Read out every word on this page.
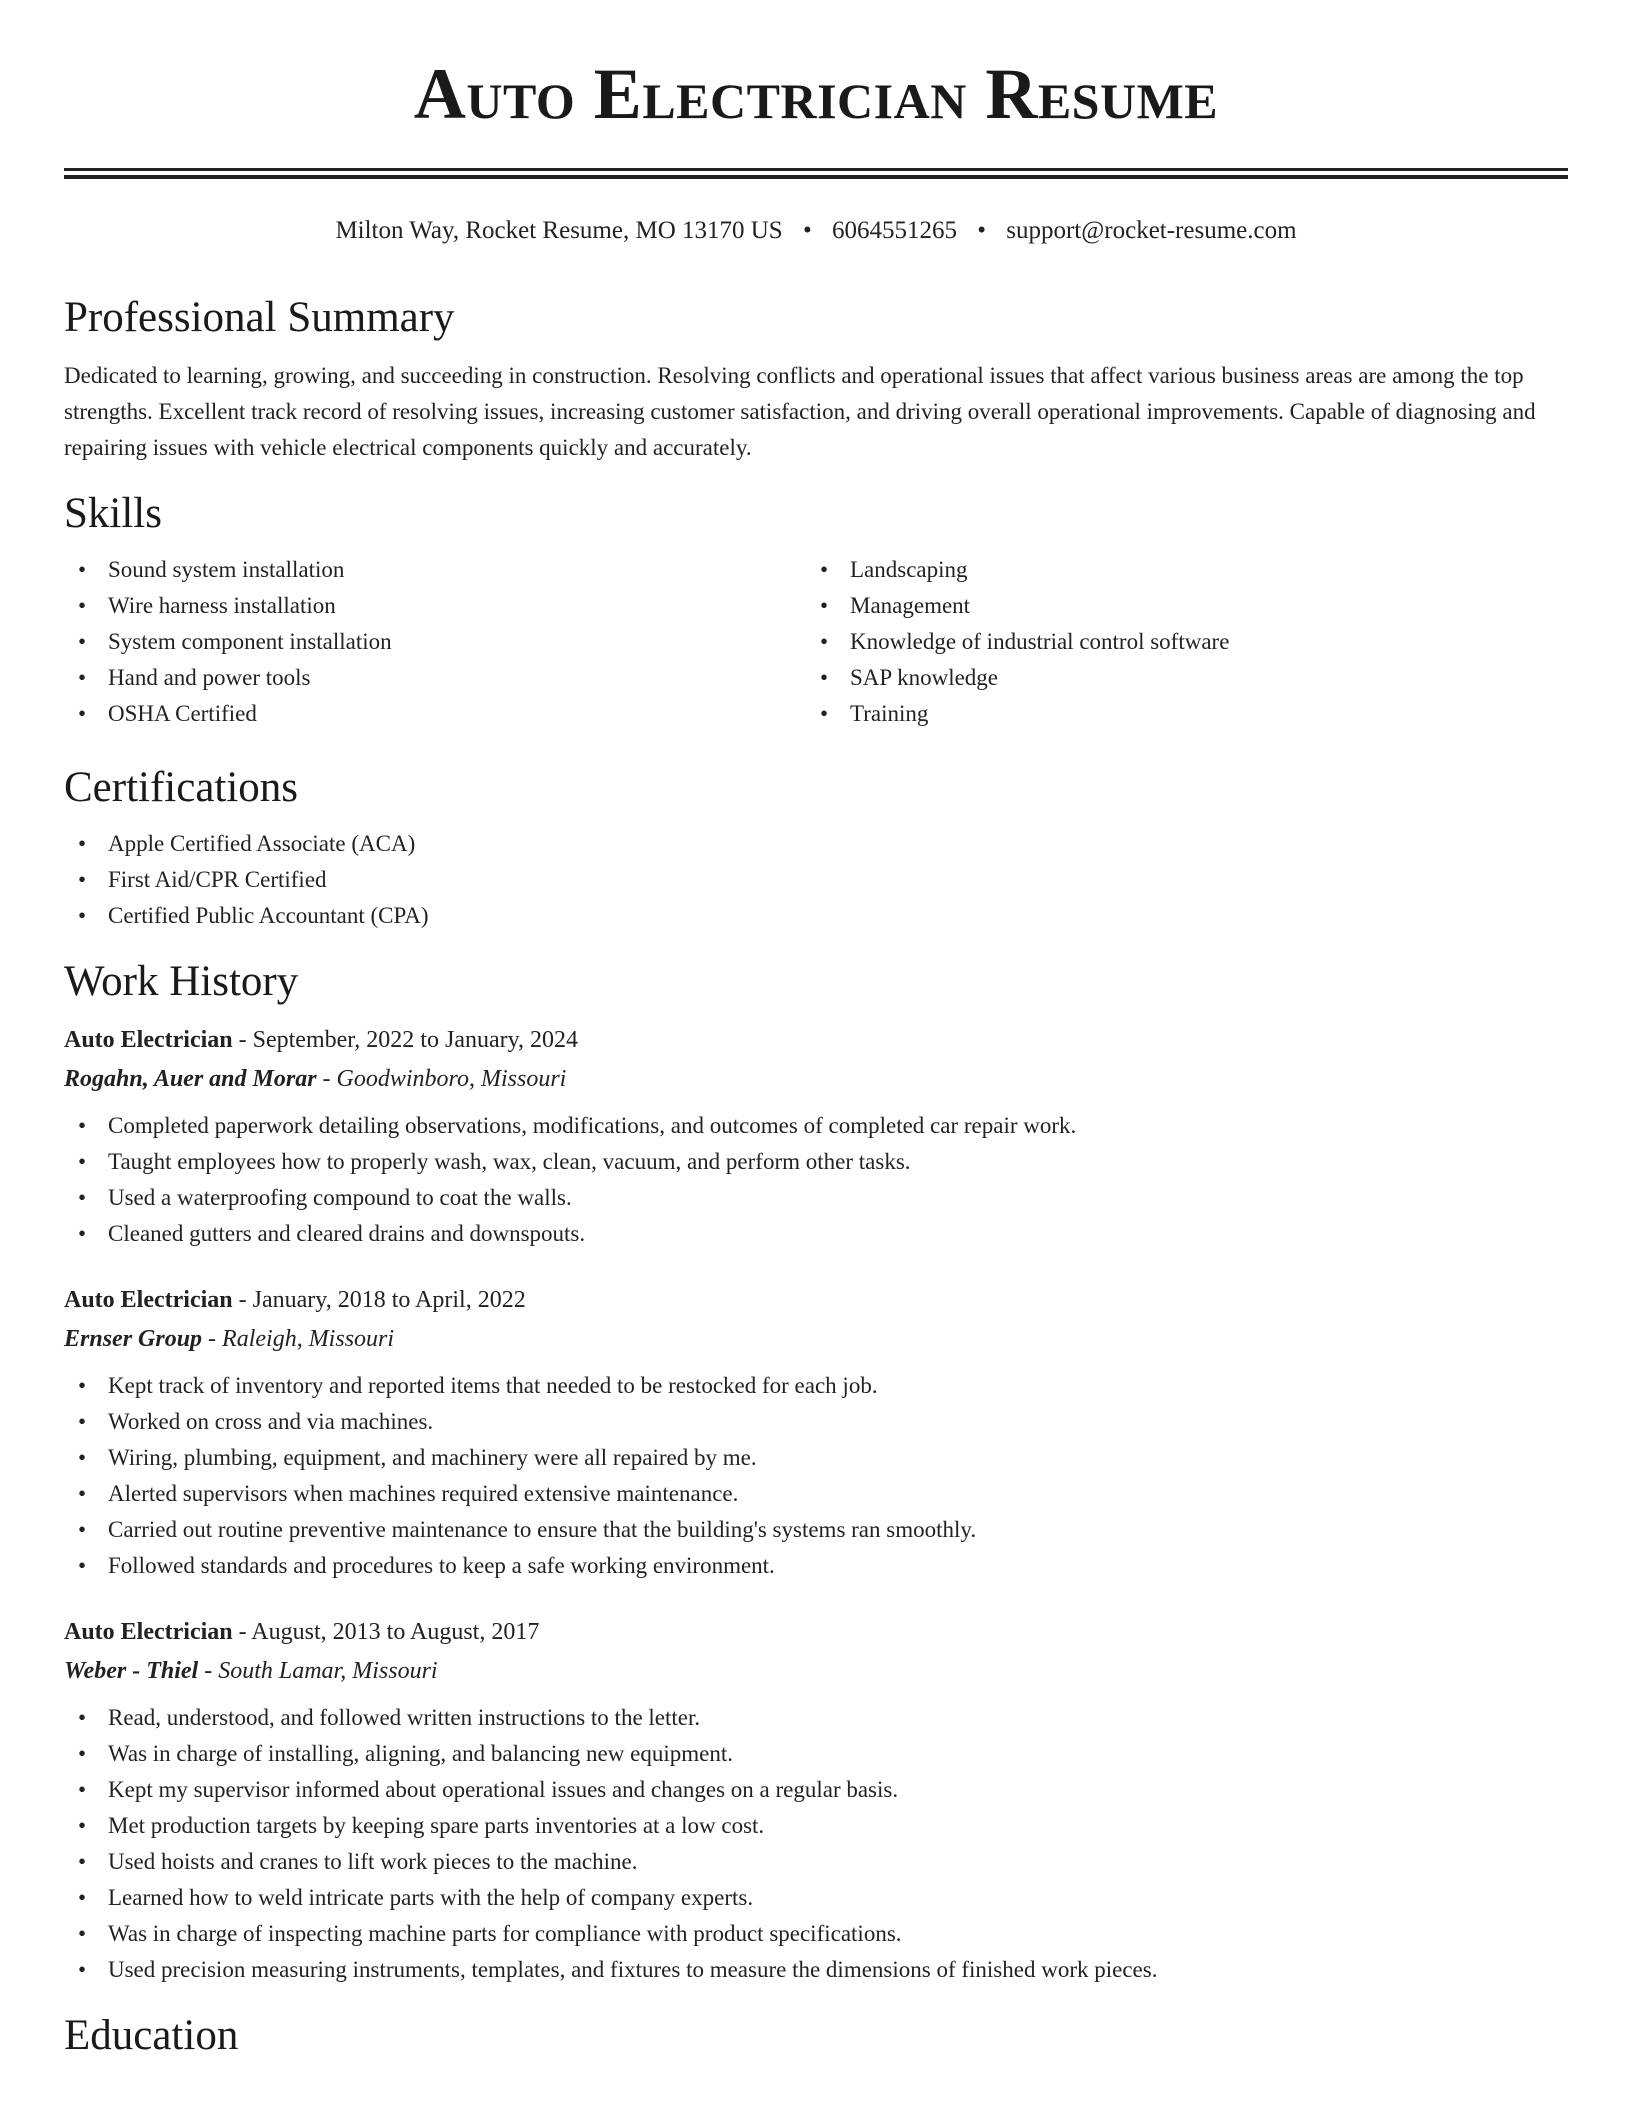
Auto Electrician Resume
Milton Way, Rocket Resume, MO 13170 US • 6064551265 • support@rocket-resume.com
Professional Summary

Dedicated to learning, growing, and succeeding in construction. Resolving conflicts and operational issues that affect various business areas are among the top strengths. Excellent track record of resolving issues, increasing customer satisfaction, and driving overall operational improvements. Capable of diagnosing and repairing issues with vehicle electrical components quickly and accurately.

Skills
• Sound system installation
• Wire harness installation
• System component installation
• Hand and power tools
• OSHA Certified
• Landscaping
• Management
• Knowledge of industrial control software
• SAP knowledge
• Training
Certifications
• Apple Certified Associate (ACA)
• First Aid/CPR Certified
• Certified Public Accountant (CPA)
Work History
Auto Electrician - September, 2022 to January, 2024
Rogahn, Auer and Morar - Goodwinboro, Missouri
• Completed paperwork detailing observations, modifications, and outcomes of completed car repair work.
• Taught employees how to properly wash, wax, clean, vacuum, and perform other tasks.
• Used a waterproofing compound to coat the walls.
• Cleaned gutters and cleared drains and downspouts.
Auto Electrician - January, 2018 to April, 2022
Ernser Group - Raleigh, Missouri
• Kept track of inventory and reported items that needed to be restocked for each job.
• Worked on cross and via machines.
• Wiring, plumbing, equipment, and machinery were all repaired by me.
• Alerted supervisors when machines required extensive maintenance.
• Carried out routine preventive maintenance to ensure that the building's systems ran smoothly.
• Followed standards and procedures to keep a safe working environment.
Auto Electrician - August, 2013 to August, 2017
Weber - Thiel - South Lamar, Missouri
• Read, understood, and followed written instructions to the letter.
• Was in charge of installing, aligning, and balancing new equipment.
• Kept my supervisor informed about operational issues and changes on a regular basis.
• Met production targets by keeping spare parts inventories at a low cost.
• Used hoists and cranes to lift work pieces to the machine.
• Learned how to weld intricate parts with the help of company experts.
• Was in charge of inspecting machine parts for compliance with product specifications.
• Used precision measuring instruments, templates, and fixtures to measure the dimensions of finished work pieces.
Education
